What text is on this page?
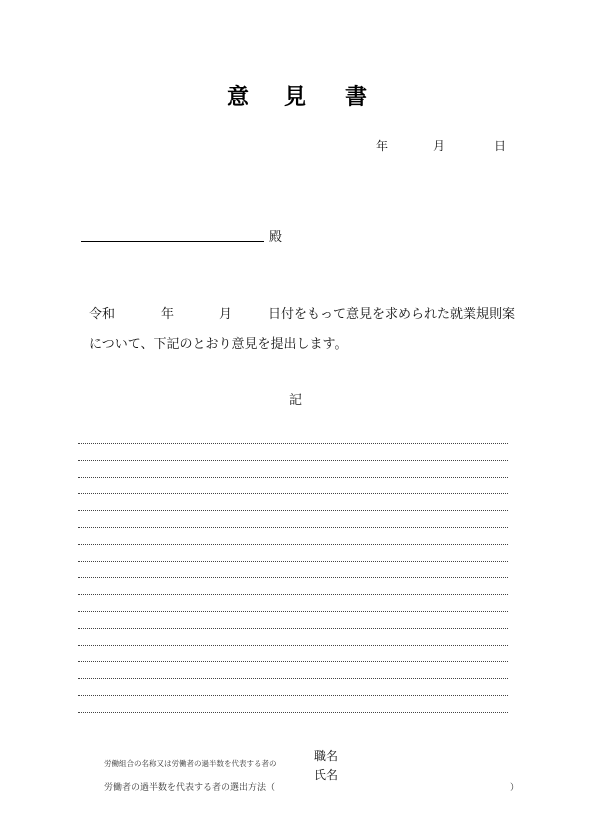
意 見 書
年	月	日
殿
令和	年	月	日付をもって意見を求められた就業規則案
について、下記のとおり意見を提出します。
記
労働組合の名称又は労働者の過半数を代表する者の
職名
氏名
労働者の過半数を代表する者の選出方法（	）
